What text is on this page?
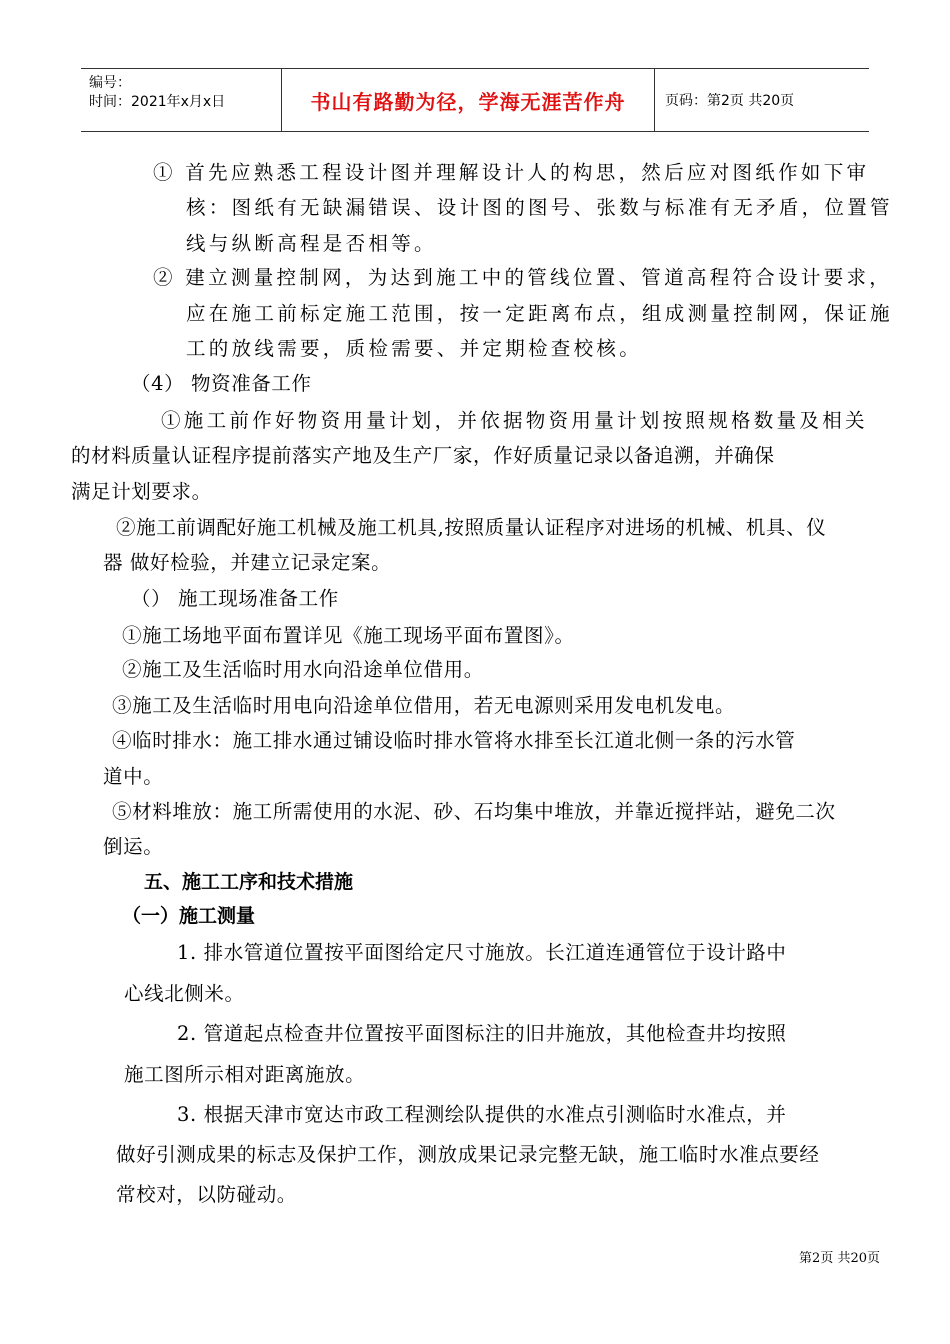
编号：
时间：2021年x月x日	书山有路勤为径，学海无涯苦作舟	页码：第2页 共20页
① 首先应熟悉工程设计图并理解设计人的构思，然后应对图纸作如下审
核：图纸有无缺漏错误、设计图的图号、张数与标准有无矛盾，位置管
线与纵断高程是否相等。
② 建立测量控制网，为达到施工中的管线位置、管道高程符合设计要求，
应在施工前标定施工范围，按一定距离布点，组成测量控制网，保证施
工的放线需要，质检需要、并定期检查校核。
（4） 物资准备工作
①施工前作好物资用量计划，并依据物资用量计划按照规格数量及相关
的材料质量认证程序提前落实产地及生产厂家，作好质量记录以备追溯，并确保
满足计划要求。
②施工前调配好施工机械及施工机具,按照质量认证程序对进场的机械、机具、仪
器 做好检验，并建立记录定案。
（） 施工现场准备工作
①施工场地平面布置详见《施工现场平面布置图》。
②施工及生活临时用水向沿途单位借用。
③施工及生活临时用电向沿途单位借用，若无电源则采用发电机发电。
④临时排水：施工排水通过铺设临时排水管将水排至长江道北侧一条的污水管
道中。
⑤材料堆放：施工所需使用的水泥、砂、石均集中堆放，并靠近搅拌站，避免二次
倒运。
五、施工工序和技术措施
（一）施工测量
1. 排水管道位置按平面图给定尺寸施放。长江道连通管位于设计路中
心线北侧米。
2. 管道起点检查井位置按平面图标注的旧井施放，其他检查井均按照
施工图所示相对距离施放。
3. 根据天津市宽达市政工程测绘队提供的水准点引测临时水准点，并
做好引测成果的标志及保护工作，测放成果记录完整无缺，施工临时水准点要经
常校对，以防碰动。
第2页 共20页
